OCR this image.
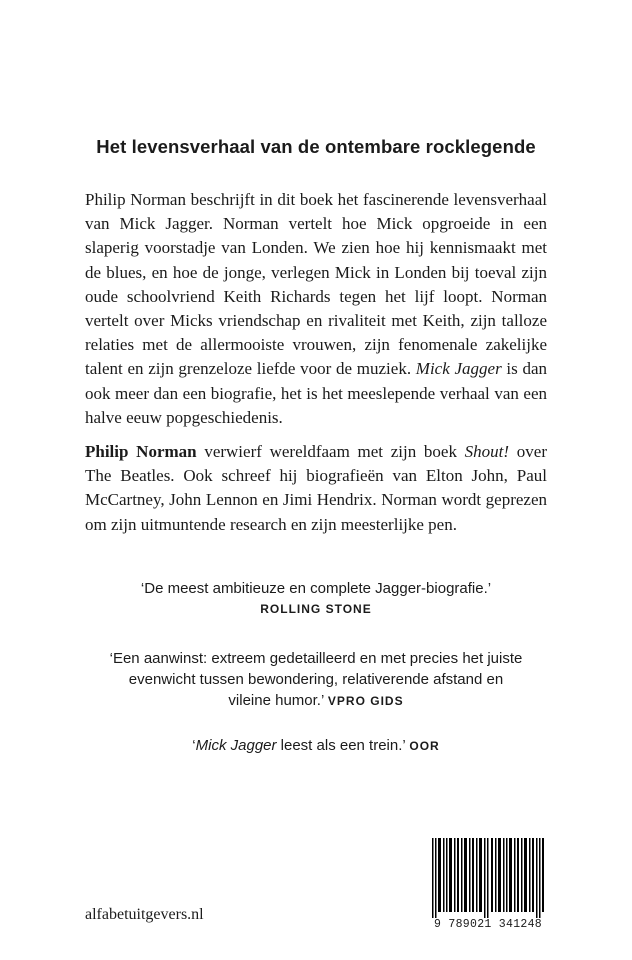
Het levensverhaal van de ontembare rocklegende

Philip Norman beschrijft in dit boek het fascinerende levensverhaal van Mick Jagger. Norman vertelt hoe Mick opgroeide in een slaperig voorstadje van Londen. We zien hoe hij kennismaakt met de blues, en hoe de jonge, verlegen Mick in Londen bij toeval zijn oude schoolvriend Keith Richards tegen het lijf loopt. Norman vertelt over Micks vriendschap en rivaliteit met Keith, zijn talloze relaties met de allermooiste vrouwen, zijn fenomenale zakelijke talent en zijn grenzeloze liefde voor de muziek. Mick Jagger is dan ook meer dan een biografie, het is het meeslepende verhaal van een halve eeuw popgeschiedenis.

Philip Norman verwierf wereldfaam met zijn boek Shout! over The Beatles. Ook schreef hij biografieën van Elton John, Paul McCartney, John Lennon en Jimi Hendrix. Norman wordt geprezen om zijn uitmuntende research en zijn meesterlijke pen.

‘De meest ambitieuze en complete Jagger-biografie.’
ROLLING STONE
‘Een aanwinst: extreem gedetailleerd en met precies het juiste evenwicht tussen bewondering, relativerende afstand en vileine humor.’ VPRO GIDS
‘Mick Jagger leest als een trein.’ OOR
9 789021 341248
alfabetuitgevers.nl
